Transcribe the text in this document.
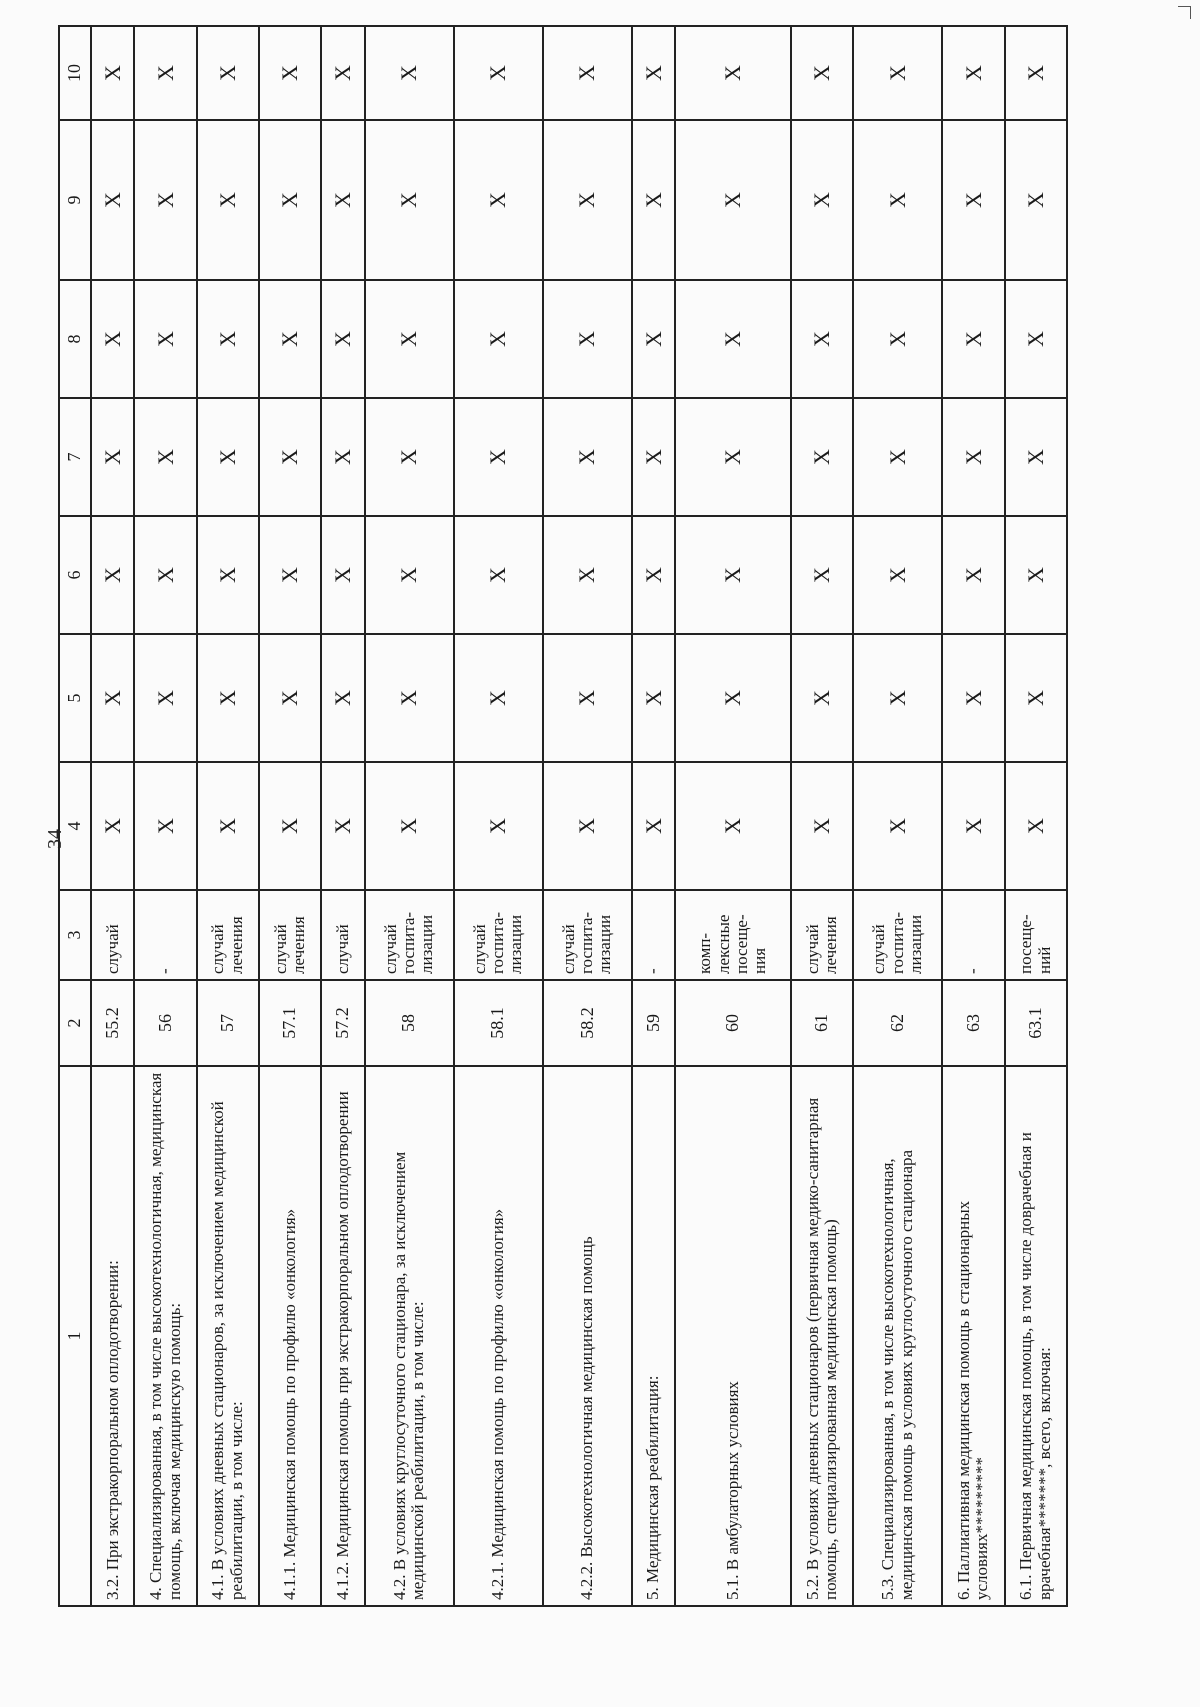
34
1	2	3	4	5	6	7	8	9	10
3.2. При экстракорпоральном оплодотворении:	55.2	случай	X	X	X	X	X	X	X
4. Специализированная, в том числе высокотехнологичная, медицинская помощь, включая медицинскую помощь:	56	-	X	X	X	X	X	X	X
4.1. В условиях дневных стационаров, за исключением медицинской реабилитации, в том числе:	57	случай лечения	X	X	X	X	X	X	X
4.1.1. Медицинская помощь по профилю «онкология»	57.1	случай лечения	X	X	X	X	X	X	X
4.1.2. Медицинская помощь при экстракорпоральном оплодотворении	57.2	случай	X	X	X	X	X	X	X
4.2. В условиях круглосуточного стационара, за исключением медицинской реабилитации, в том числе:	58	случай госпита-лизации	X	X	X	X	X	X	X
4.2.1. Медицинская помощь по профилю «онкология»	58.1	случай госпита-лизации	X	X	X	X	X	X	X
4.2.2. Высокотехнологичная медицинская помощь	58.2	случай госпита-лизации	X	X	X	X	X	X	X
5. Медицинская реабилитация:	59	-	X	X	X	X	X	X	X
5.1. В амбулаторных условиях	60	комп-лексные посеще-ния	X	X	X	X	X	X	X
5.2. В условиях дневных стационаров (первичная медико-санитарная помощь, специализированная медицинская помощь)	61	случай лечения	X	X	X	X	X	X	X
5.3. Специализированная, в том числе высокотехнологичная, медицинская помощь в условиях круглосуточного стационара	62	случай госпита-лизации	X	X	X	X	X	X	X
6. Паллиативная медицинская помощь в стационарных условиях*********	63	-	X	X	X	X	X	X	X
6.1. Первичная медицинская помощь, в том числе доврачебная и врачебная*******, всего, включая:	63.1	посеще-ний	X	X	X	X	X	X	X
